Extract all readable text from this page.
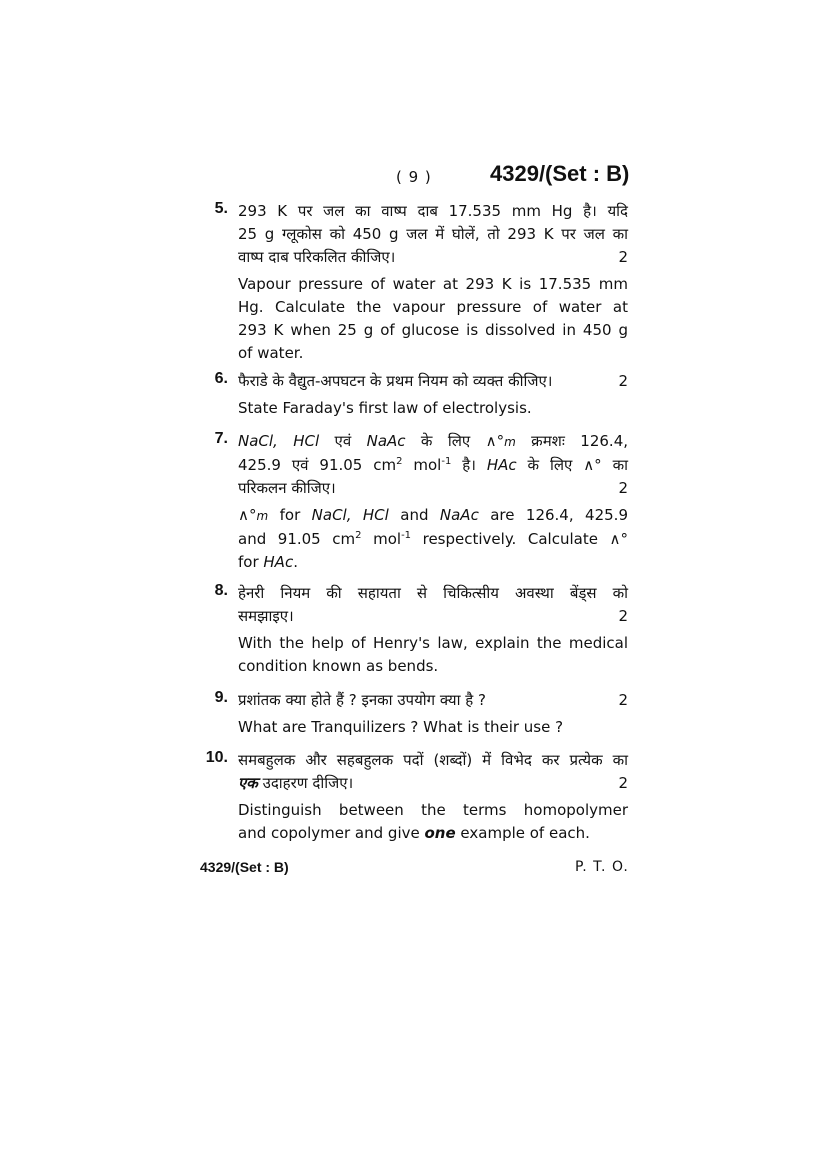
( 9 )	4329/(Set : B)
5. 293 K पर जल का वाष्प दाब 17.535 mm Hg है। यदि
25 g ग्लूकोस को 450 g जल में घोलें, तो 293 K पर जल का
वाष्प दाब परिकलित कीजिए।	2
Vapour pressure of water at 293 K is 17.535 mm
Hg. Calculate the vapour pressure of water at
293 K when 25 g of glucose is dissolved in 450 g
of water.
6. फैराडे के वैद्युत-अपघटन के प्रथम नियम को व्यक्त कीजिए।	2
State Faraday's first law of electrolysis.
7. NaCl, HCl एवं NaAc के लिए ∧°m क्रमशः 126.4,
425.9 एवं 91.05 $cm^2$ mol$^{-1}$ है। HAc के लिए ∧° का
परिकलन कीजिए।	2
∧°m for NaCl, HCl and NaAc are 126.4, 425.9
and 91.05 $cm^2$ mol$^{-1}$ respectively. Calculate ∧°
for HAc.
8. हेनरी नियम की सहायता से चिकित्सीय अवस्था बेंड्स को
समझाइए।	2
With the help of Henry's law, explain the medical
condition known as bends.
9. प्रशांतक क्या होते हैं ? इनका उपयोग क्या है ?	2
What are Tranquilizers ? What is their use ?
10. समबहुलक और सहबहुलक पदों (शब्दों) में विभेद कर प्रत्येक का
एक उदाहरण दीजिए।	2
Distinguish between the terms homopolymer
and copolymer and give one example of each.
4329/(Set : B)	P. T. O.
